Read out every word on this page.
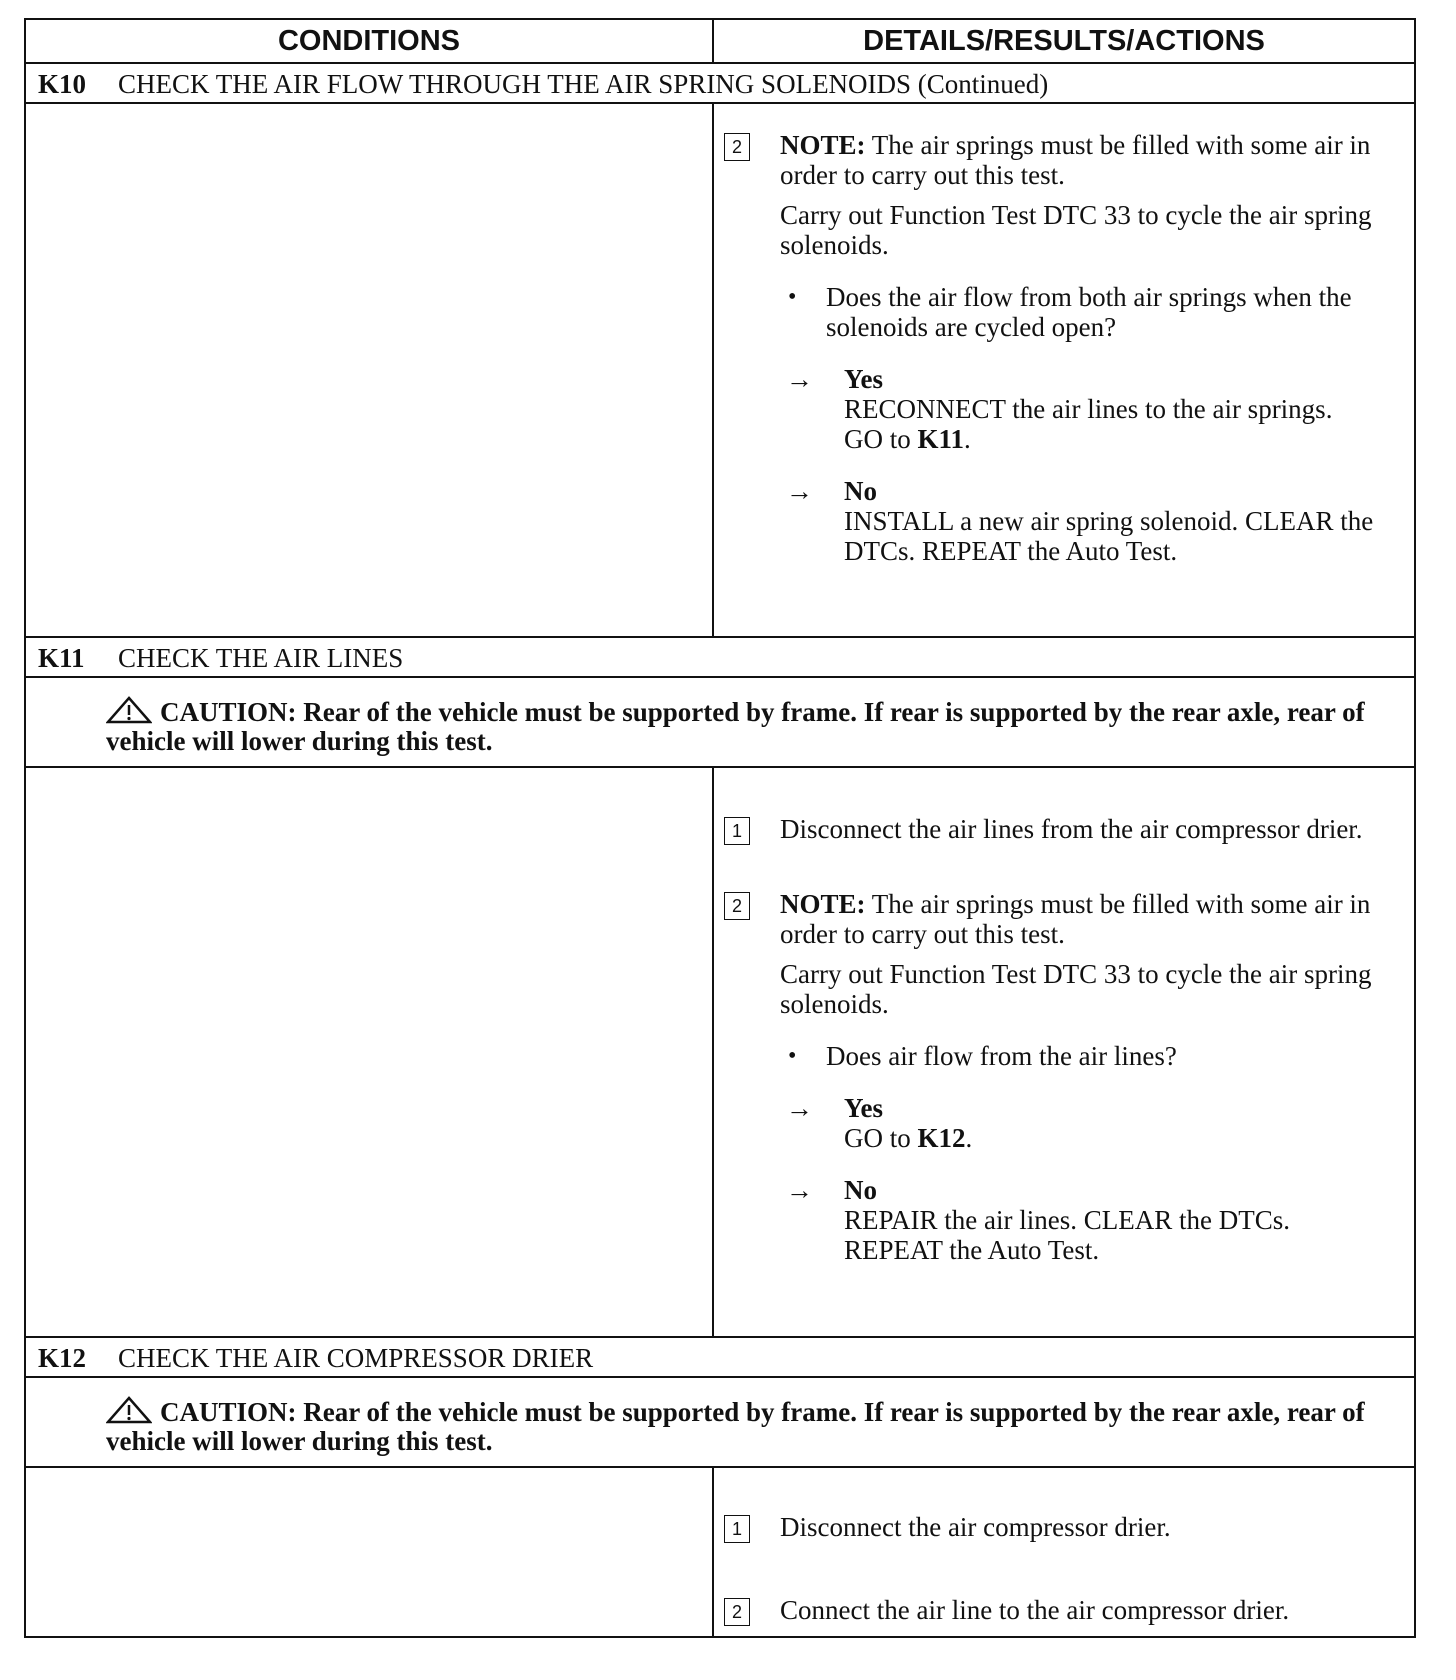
CONDITIONS	DETAILS/RESULTS/ACTIONS
K10 CHECK THE AIR FLOW THROUGH THE AIR SPRING SOLENOIDS (Continued)
2 NOTE: The air springs must be filled with some air in order to carry out this test.
Carry out Function Test DTC 33 to cycle the air spring solenoids.
•	Does the air flow from both air springs when the solenoids are cycled open?
→	Yes
RECONNECT the air lines to the air springs.
GO to K11.
→	No
INSTALL a new air spring solenoid. CLEAR the DTCs. REPEAT the Auto Test.
K11 CHECK THE AIR LINES
CAUTION: Rear of the vehicle must be supported by frame. If rear is supported by the rear axle, rear of vehicle will lower during this test.
1 Disconnect the air lines from the air compressor drier.
2 NOTE: The air springs must be filled with some air in order to carry out this test.
Carry out Function Test DTC 33 to cycle the air spring solenoids.
•	Does air flow from the air lines?
→	Yes
GO to K12.
→	No
REPAIR the air lines. CLEAR the DTCs. REPEAT the Auto Test.
K12 CHECK THE AIR COMPRESSOR DRIER
CAUTION: Rear of the vehicle must be supported by frame. If rear is supported by the rear axle, rear of vehicle will lower during this test.
1 Disconnect the air compressor drier.
2 Connect the air line to the air compressor drier.
